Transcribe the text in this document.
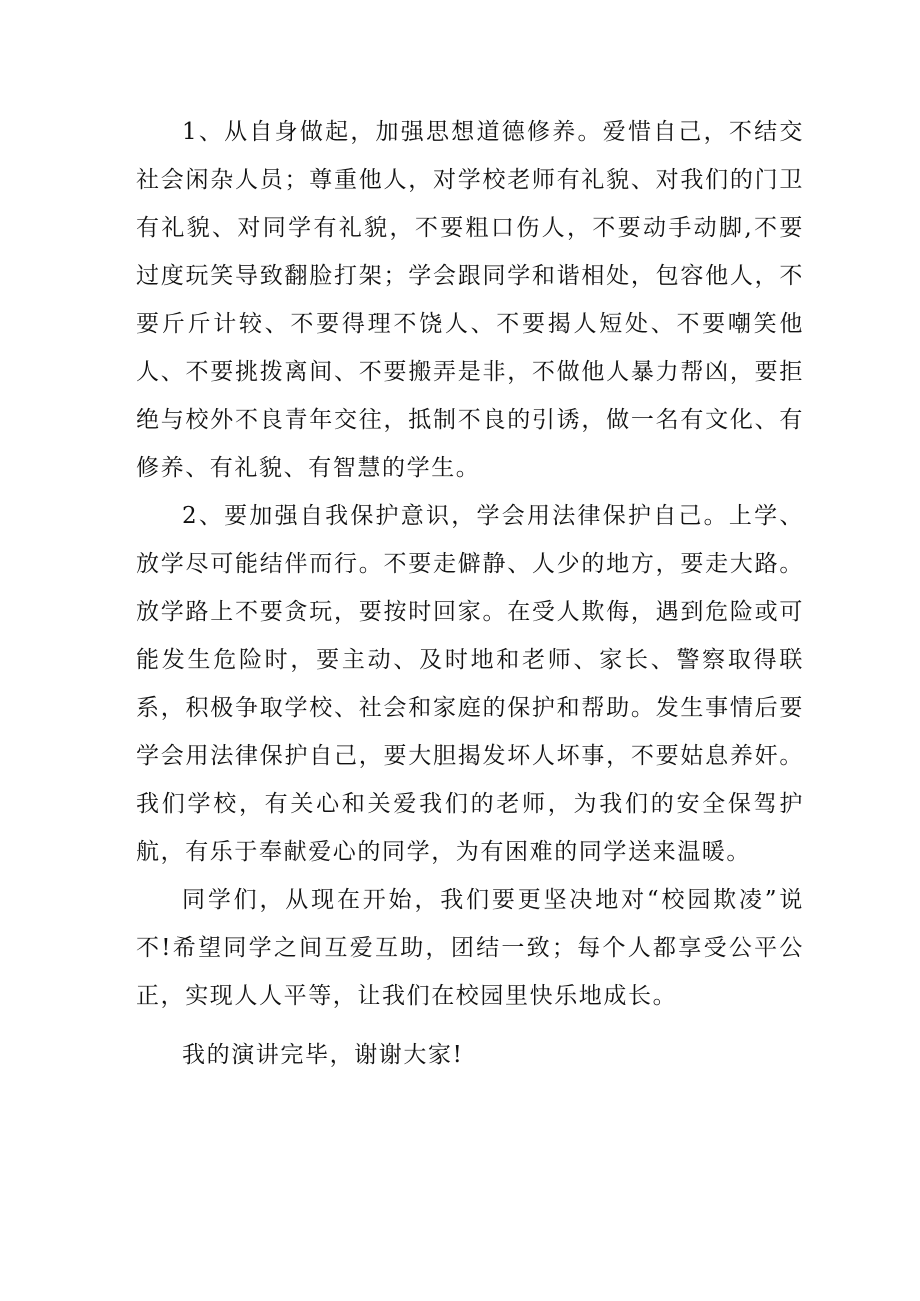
1、从自身做起，加强思想道德修养。爱惜自己，不结交社会闲杂人员；尊重他人，对学校老师有礼貌、对我们的门卫有礼貌、对同学有礼貌，不要粗口伤人，不要动手动脚,不要过度玩笑导致翻脸打架；学会跟同学和谐相处，包容他人，不要斤斤计较、不要得理不饶人、不要揭人短处、不要嘲笑他人、不要挑拨离间、不要搬弄是非，不做他人暴力帮凶，要拒绝与校外不良青年交往，抵制不良的引诱，做一名有文化、有修养、有礼貌、有智慧的学生。

2、要加强自我保护意识，学会用法律保护自己。上学、放学尽可能结伴而行。不要走僻静、人少的地方，要走大路。放学路上不要贪玩，要按时回家。在受人欺侮，遇到危险或可能发生危险时，要主动、及时地和老师、家长、警察取得联系，积极争取学校、社会和家庭的保护和帮助。发生事情后要学会用法律保护自己，要大胆揭发坏人坏事，不要姑息养奸。我们学校，有关心和关爱我们的老师，为我们的安全保驾护航，有乐于奉献爱心的同学，为有困难的同学送来温暖。

同学们，从现在开始，我们要更坚决地对“校园欺凌”说不!希望同学之间互爱互助，团结一致；每个人都享受公平公正，实现人人平等，让我们在校园里快乐地成长。

我的演讲完毕，谢谢大家!
